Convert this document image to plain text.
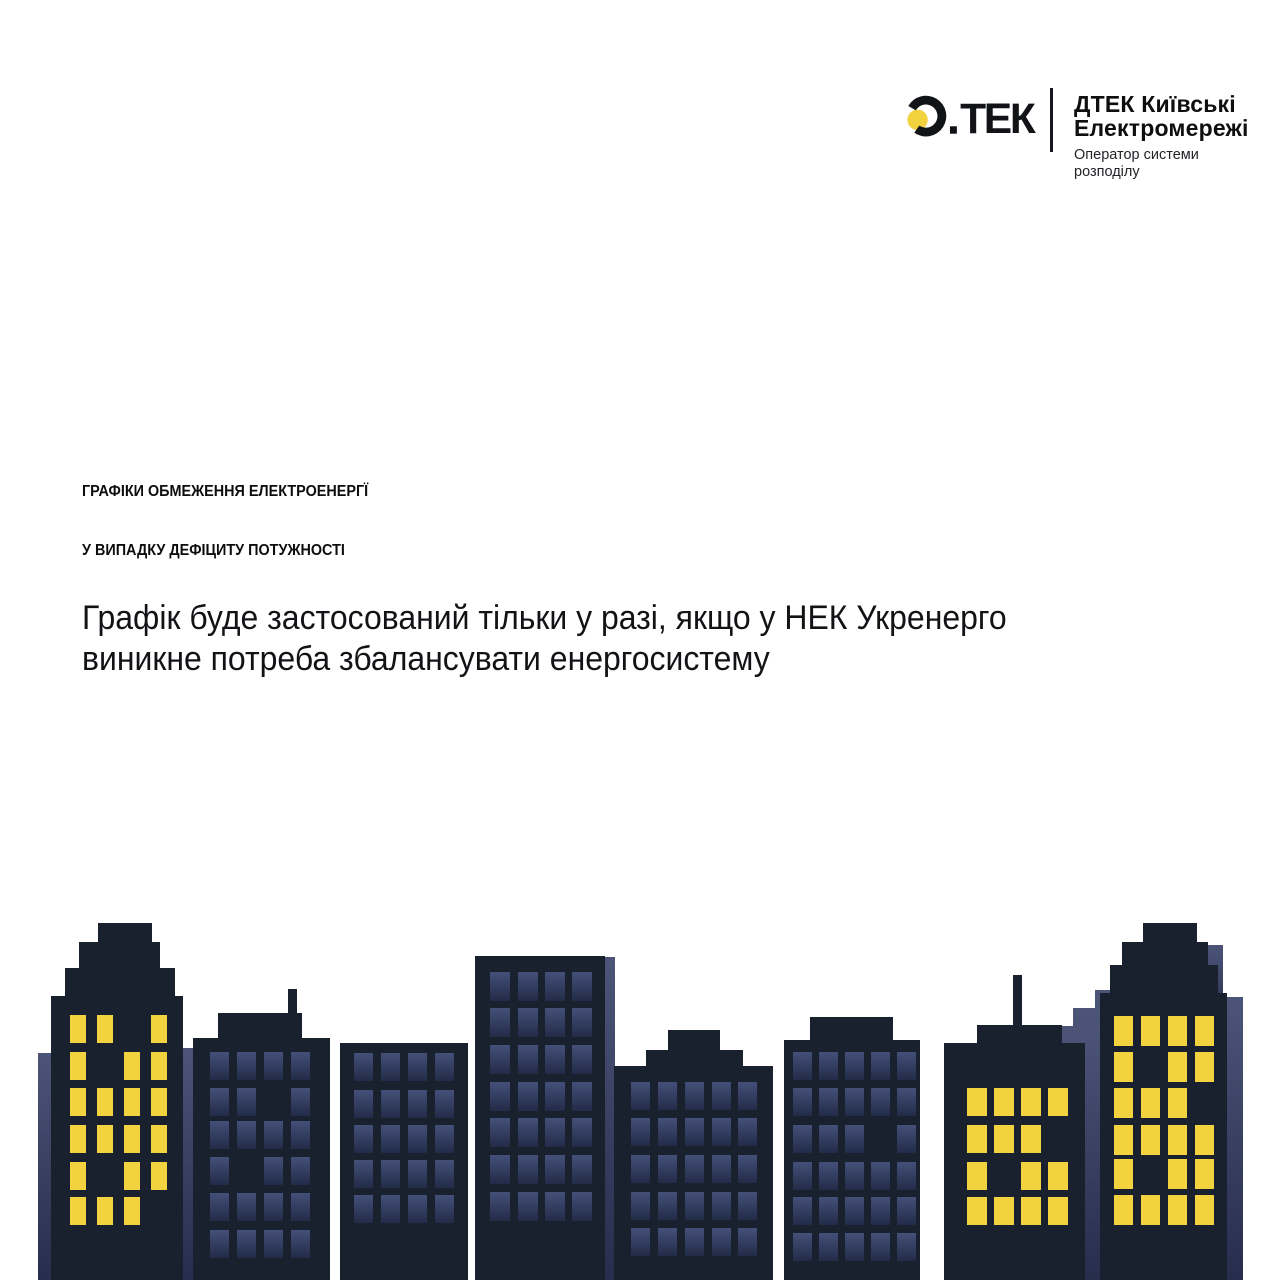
ТЕК ДТЕК Київські
Електромережі
Оператор системи
розподілу
ГРАФІКИ ОБМЕЖЕННЯ ЕЛЕКТРОЕНЕРГЇ
У ВИПАДКУ ДЕФІЦИТУ ПОТУЖНОСТІ

Графік буде застосований тільки у разі, якщо у НЕК Укренерго
виникне потреба збалансувати енергосистему
